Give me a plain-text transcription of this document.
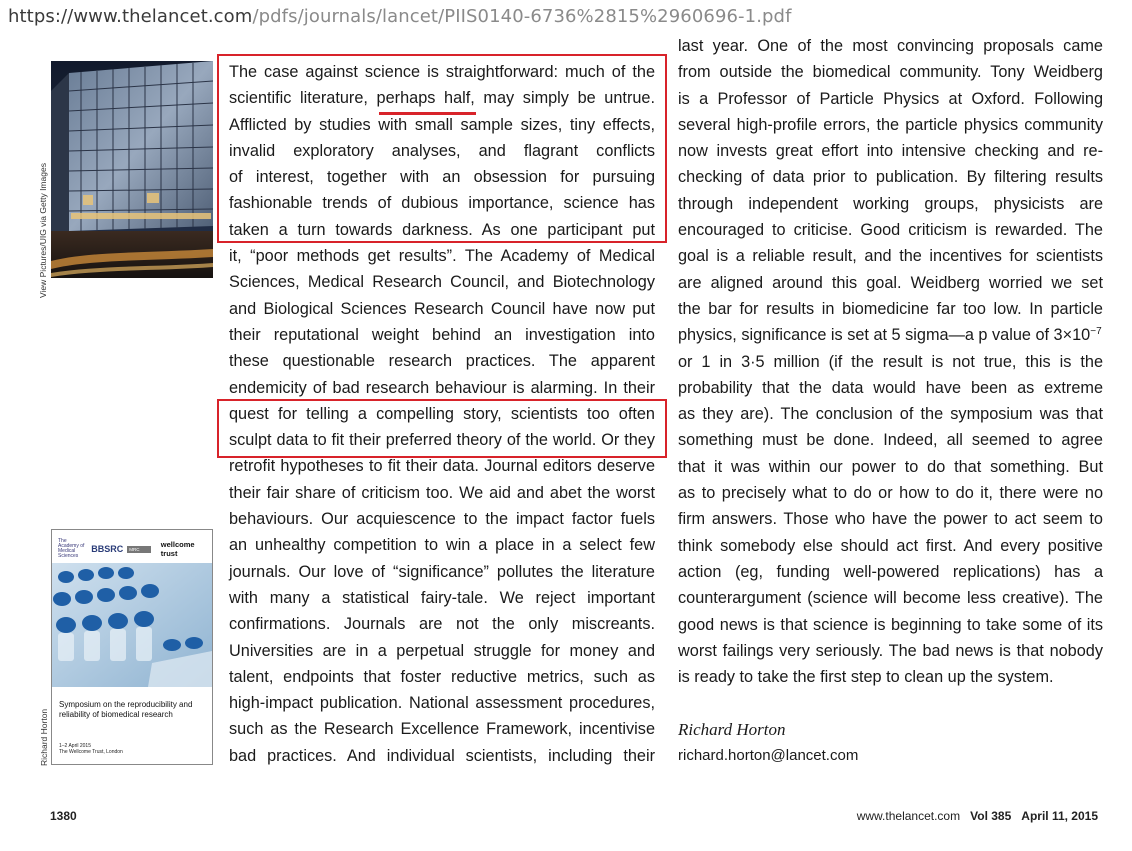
https://www.thelancet.com/pdfs/journals/lancet/PIIS0140-6736%2815%2960696-1.pdf
View Pictures/UIG via Getty Images
The Academy of Medical Sciences
BBSRC	MRC	wellcome trust
Symposium on the reproducibility and reliability of biomedical research
1–2 April 2015
The Wellcome Trust, London
Richard Horton
The case against science is straightforward: much of the
scientific literature, perhaps half, may simply be untrue.
Afflicted by studies with small sample sizes, tiny effects,
invalid exploratory analyses, and flagrant conflicts
of interest, together with an obsession for pursuing
fashionable trends of dubious importance, science has
taken a turn towards darkness. As one participant put
it, “poor methods get results”. The Academy of Medical
Sciences, Medical Research Council, and Biotechnology
and Biological Sciences Research Council have now put
their reputational weight behind an investigation into
these questionable research practices. The apparent
endemicity of bad research behaviour is alarming. In their
quest for telling a compelling story, scientists too often
sculpt data to fit their preferred theory of the world. Or they
retrofit hypotheses to fit their data. Journal editors deserve
their fair share of criticism too. We aid and abet the worst
behaviours. Our acquiescence to the impact factor fuels
an unhealthy competition to win a place in a select few
journals. Our love of “significance” pollutes the literature
with many a statistical fairy-tale. We reject important
confirmations. Journals are not the only miscreants.
Universities are in a perpetual struggle for money and
talent, endpoints that foster reductive metrics, such as
high-impact publication. National assessment procedures,
such as the Research Excellence Framework, incentivise
bad practices. And individual scientists, including their
last year. One of the most convincing proposals came
from outside the biomedical community. Tony Weidberg
is a Professor of Particle Physics at Oxford. Following
several high-profile errors, the particle physics community
now invests great effort into intensive checking and re-
checking of data prior to publication. By filtering results
through independent working groups, physicists are
encouraged to criticise. Good criticism is rewarded. The
goal is a reliable result, and the incentives for scientists
are aligned around this goal. Weidberg worried we set
the bar for results in biomedicine far too low. In particle
physics, significance is set at 5 sigma—a p value of $3\times 10^{-7}$
or 1 in 3·5 million (if the result is not true, this is the
probability that the data would have been as extreme
as they are). The conclusion of the symposium was that
something must be done. Indeed, all seemed to agree
that it was within our power to do that something. But
as to precisely what to do or how to do it, there were no
firm answers. Those who have the power to act seem to
think somebody else should act first. And every positive
action (eg, funding well-powered replications) has a
counterargument (science will become less creative). The
good news is that science is beginning to take some of its
worst failings very seriously. The bad news is that nobody
is ready to take the first step to clean up the system.
Richard Horton
richard.horton@lancet.com
1380	www.thelancet.com Vol 385 April 11, 2015
